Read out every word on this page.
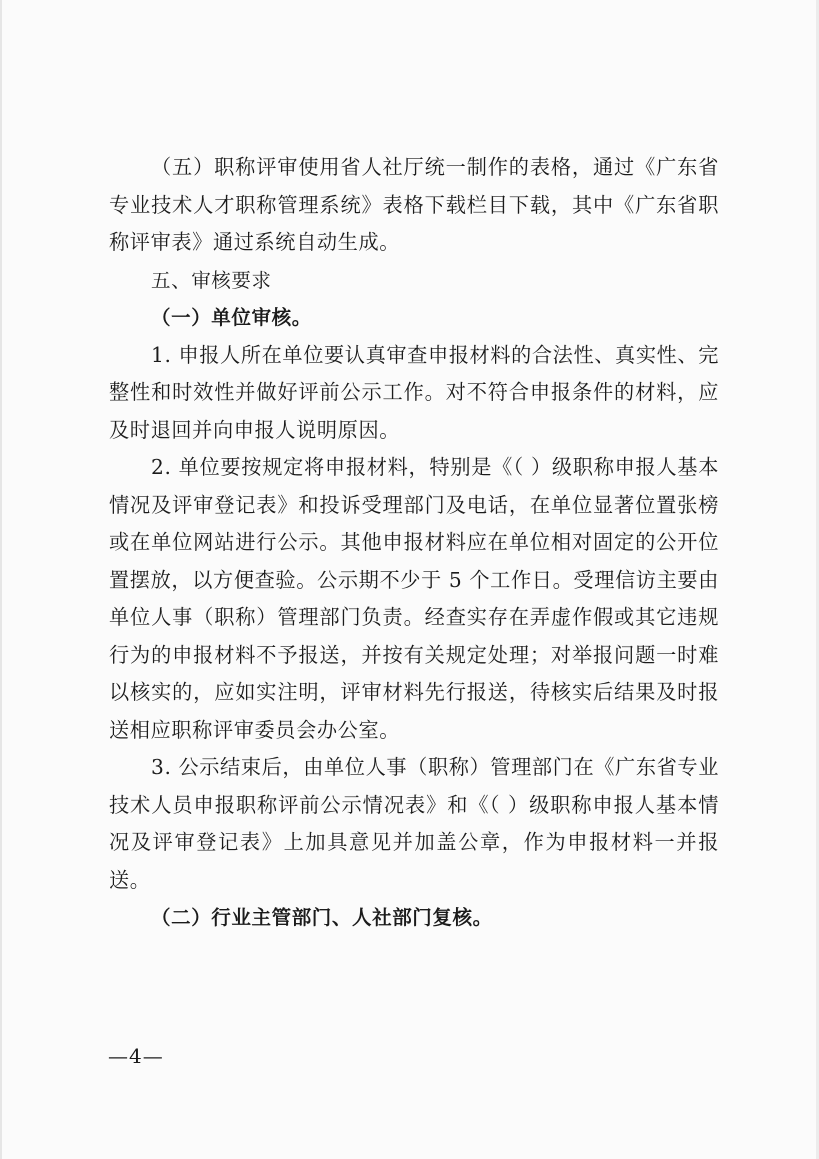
（五）职称评审使用省人社厅统一制作的表格，通过《广东省专业技术人才职称管理系统》表格下载栏目下载，其中《广东省职称评审表》通过系统自动生成。

五、审核要求

（一）单位审核。

1. 申报人所在单位要认真审查申报材料的合法性、真实性、完整性和时效性并做好评前公示工作。对不符合申报条件的材料，应及时退回并向申报人说明原因。

2. 单位要按规定将申报材料，特别是《（ ）级职称申报人基本情况及评审登记表》和投诉受理部门及电话，在单位显著位置张榜或在单位网站进行公示。其他申报材料应在单位相对固定的公开位置摆放，以方便查验。公示期不少于 5 个工作日。受理信访主要由单位人事（职称）管理部门负责。经查实存在弄虚作假或其它违规行为的申报材料不予报送，并按有关规定处理；对举报问题一时难以核实的，应如实注明，评审材料先行报送，待核实后结果及时报送相应职称评审委员会办公室。

3. 公示结束后，由单位人事（职称）管理部门在《广东省专业技术人员申报职称评前公示情况表》和《（ ）级职称申报人基本情况及评审登记表》上加具意见并加盖公章，作为申报材料一并报送。

（二）行业主管部门、人社部门复核。

—4—
